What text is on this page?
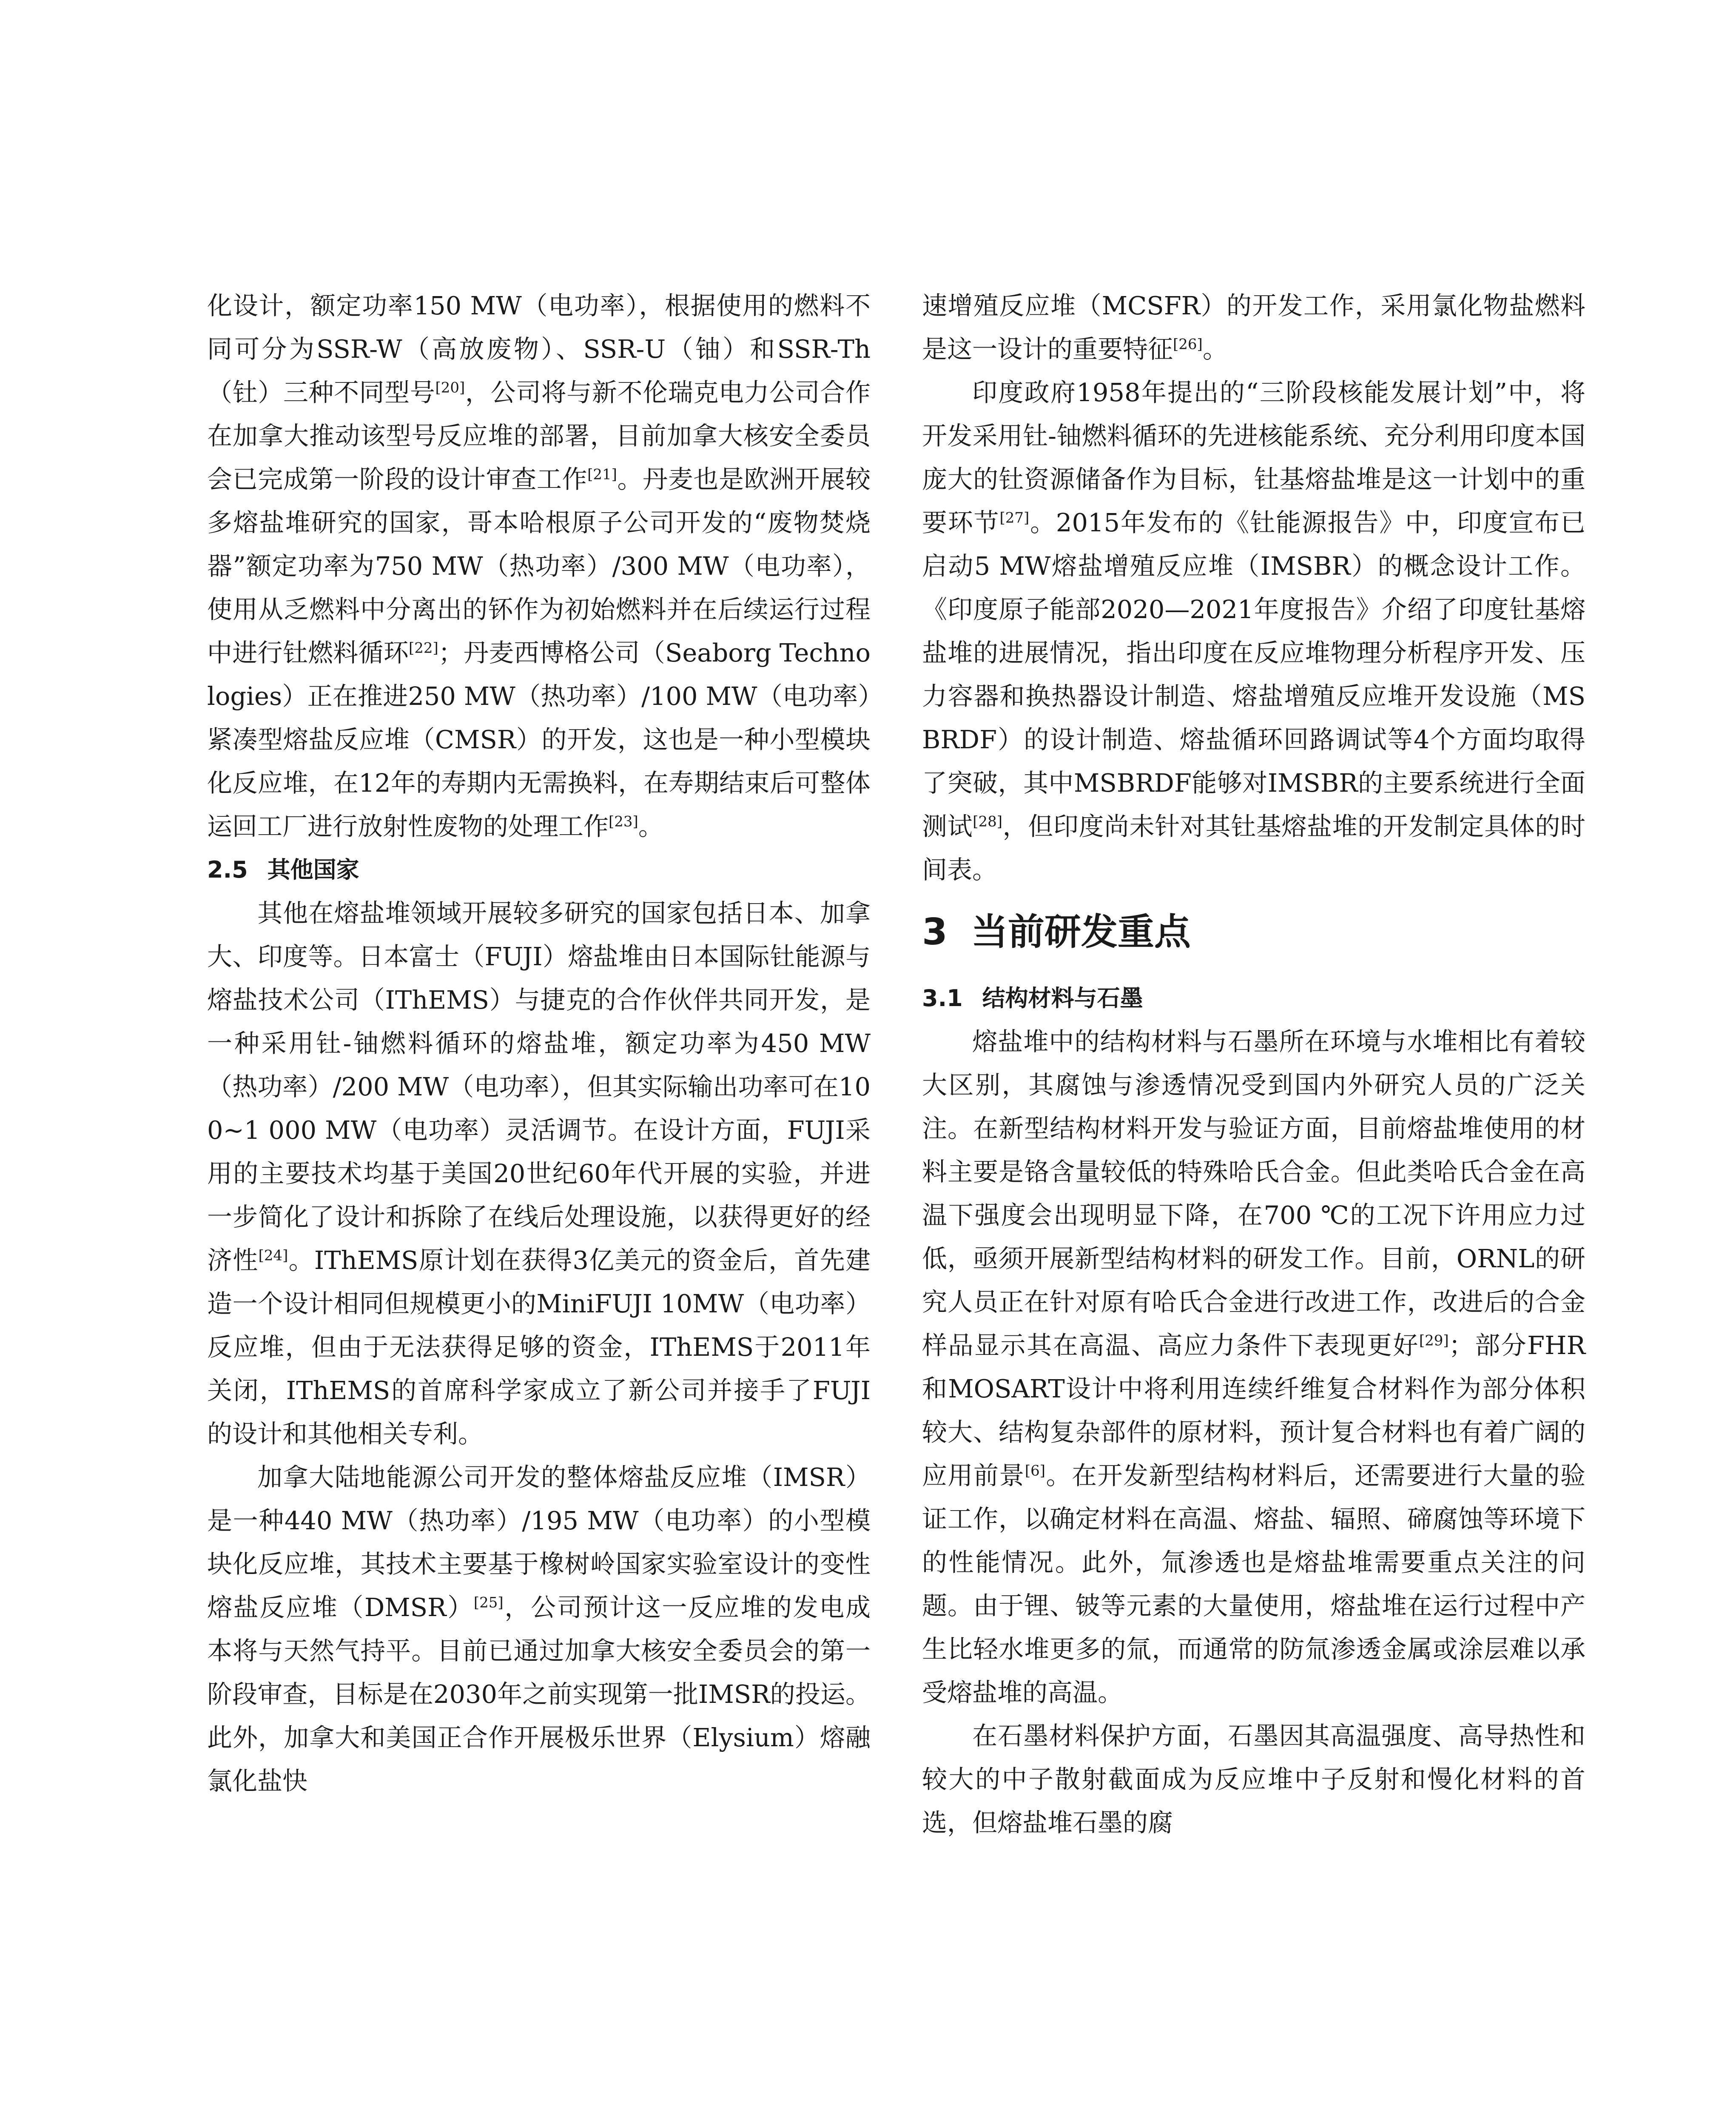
化设计，额定功率150 MW（电功率），根据使用的燃料不同可分为SSR-W（高放废物）、SSR-U（铀）和SSR-Th（钍）三种不同型号[20]，公司将与新不伦瑞克电力公司合作在加拿大推动该型号反应堆的部署，目前加拿大核安全委员会已完成第一阶段的设计审查工作[21]。丹麦也是欧洲开展较多熔盐堆研究的国家，哥本哈根原子公司开发的“废物焚烧器”额定功率为750 MW（热功率）/300 MW（电功率），使用从乏燃料中分离出的钚作为初始燃料并在后续运行过程中进行钍燃料循环[22]；丹麦西博格公司（Seaborg Technologies）正在推进250 MW（热功率）/100 MW（电功率）紧凑型熔盐反应堆（CMSR）的开发，这也是一种小型模块化反应堆，在12年的寿期内无需换料，在寿期结束后可整体运回工厂进行放射性废物的处理工作[23]。

2.5 其他国家

其他在熔盐堆领域开展较多研究的国家包括日本、加拿大、印度等。日本富士（FUJI）熔盐堆由日本国际钍能源与熔盐技术公司（IThEMS）与捷克的合作伙伴共同开发，是一种采用钍-铀燃料循环的熔盐堆，额定功率为450 MW（热功率）/200 MW（电功率），但其实际输出功率可在100~1 000 MW（电功率）灵活调节。在设计方面，FUJI采用的主要技术均基于美国20世纪60年代开展的实验，并进一步简化了设计和拆除了在线后处理设施，以获得更好的经济性[24]。IThEMS原计划在获得3亿美元的资金后，首先建造一个设计相同但规模更小的MiniFUJI 10MW（电功率）反应堆，但由于无法获得足够的资金，IThEMS于2011年关闭，IThEMS的首席科学家成立了新公司并接手了FUJI的设计和其他相关专利。

加拿大陆地能源公司开发的整体熔盐反应堆（IMSR）是一种440 MW（热功率）/195 MW（电功率）的小型模块化反应堆，其技术主要基于橡树岭国家实验室设计的变性熔盐反应堆（DMSR）[25]，公司预计这一反应堆的发电成本将与天然气持平。目前已通过加拿大核安全委员会的第一阶段审查，目标是在2030年之前实现第一批IMSR的投运。此外，加拿大和美国正合作开展极乐世界（Elysium）熔融氯化盐快

速增殖反应堆（MCSFR）的开发工作，采用氯化物盐燃料是这一设计的重要特征[26]。

印度政府1958年提出的“三阶段核能发展计划”中，将开发采用钍-铀燃料循环的先进核能系统、充分利用印度本国庞大的钍资源储备作为目标，钍基熔盐堆是这一计划中的重要环节[27]。2015年发布的《钍能源报告》中，印度宣布已启动5 MW熔盐增殖反应堆（IMSBR）的概念设计工作。《印度原子能部2020—2021年度报告》介绍了印度钍基熔盐堆的进展情况，指出印度在反应堆物理分析程序开发、压力容器和换热器设计制造、熔盐增殖反应堆开发设施（MSBRDF）的设计制造、熔盐循环回路调试等4个方面均取得了突破，其中MSBRDF能够对IMSBR的主要系统进行全面测试[28]，但印度尚未针对其钍基熔盐堆的开发制定具体的时间表。

3 当前研发重点
3.1 结构材料与石墨

熔盐堆中的结构材料与石墨所在环境与水堆相比有着较大区别，其腐蚀与渗透情况受到国内外研究人员的广泛关注。在新型结构材料开发与验证方面，目前熔盐堆使用的材料主要是铬含量较低的特殊哈氏合金。但此类哈氏合金在高温下强度会出现明显下降，在700 ℃的工况下许用应力过低，亟须开展新型结构材料的研发工作。目前，ORNL的研究人员正在针对原有哈氏合金进行改进工作，改进后的合金样品显示其在高温、高应力条件下表现更好[29]；部分FHR和MOSART设计中将利用连续纤维复合材料作为部分体积较大、结构复杂部件的原材料，预计复合材料也有着广阔的应用前景[6]。在开发新型结构材料后，还需要进行大量的验证工作，以确定材料在高温、熔盐、辐照、碲腐蚀等环境下的性能情况。此外，氚渗透也是熔盐堆需要重点关注的问题。由于锂、铍等元素的大量使用，熔盐堆在运行过程中产生比轻水堆更多的氚，而通常的防氚渗透金属或涂层难以承受熔盐堆的高温。

在石墨材料保护方面，石墨因其高温强度、高导热性和较大的中子散射截面成为反应堆中子反射和慢化材料的首选，但熔盐堆石墨的腐
